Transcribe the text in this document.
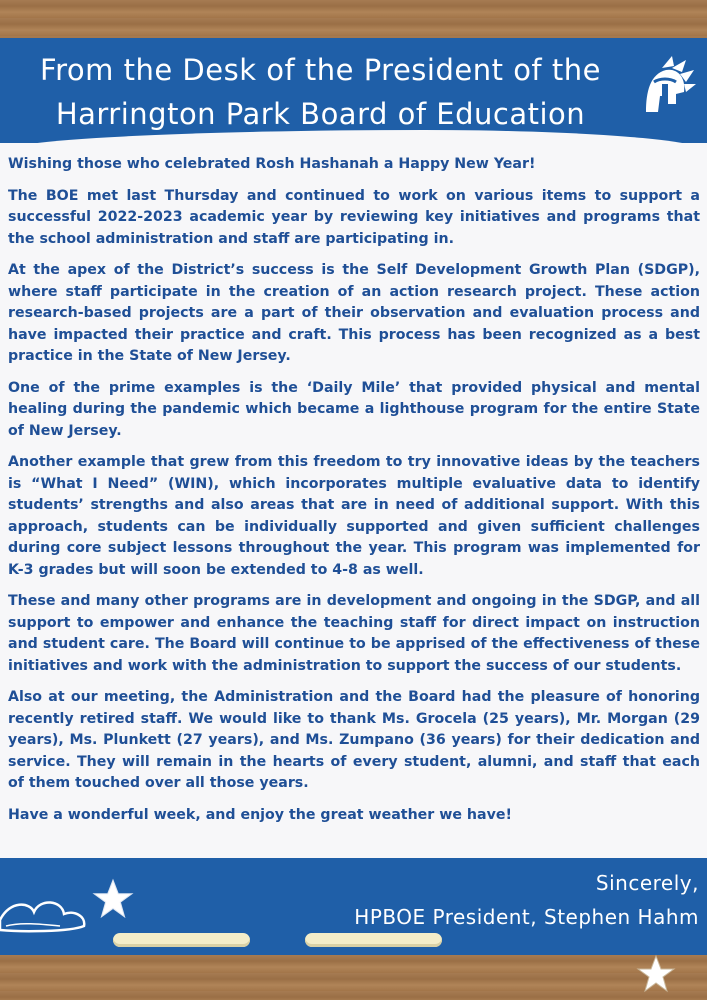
From the Desk of the President of the
Harrington Park Board of Education

Wishing those who celebrated Rosh Hashanah a Happy New Year!

The BOE met last Thursday and continued to work on various items to support a successful 2022-2023 academic year by reviewing key initiatives and programs that the school administration and staff are participating in.

At the apex of the District’s success is the Self Development Growth Plan (SDGP), where staff participate in the creation of an action research project. These action research-based projects are a part of their observation and evaluation process and have impacted their practice and craft. This process has been recognized as a best practice in the State of New Jersey.

One of the prime examples is the ‘Daily Mile’ that provided physical and mental healing during the pandemic which became a lighthouse program for the entire State of New Jersey.

Another example that grew from this freedom to try innovative ideas by the teachers is “What I Need” (WIN), which incorporates multiple evaluative data to identify students’ strengths and also areas that are in need of additional support. With this approach, students can be individually supported and given sufficient challenges during core subject lessons throughout the year. This program was implemented for K-3 grades but will soon be extended to 4-8 as well.

These and many other programs are in development and ongoing in the SDGP, and all support to empower and enhance the teaching staff for direct impact on instruction and student care. The Board will continue to be apprised of the effectiveness of these initiatives and work with the administration to support the success of our students.

Also at our meeting, the Administration and the Board had the pleasure of honoring recently retired staff. We would like to thank Ms. Grocela (25 years), Mr. Morgan (29 years), Ms. Plunkett (27 years), and Ms. Zumpano (36 years) for their dedication and service. They will remain in the hearts of every student, alumni, and staff that each of them touched over all those years.

Have a wonderful week, and enjoy the great weather we have!

Sincerely,
HPBOE President, Stephen Hahm
